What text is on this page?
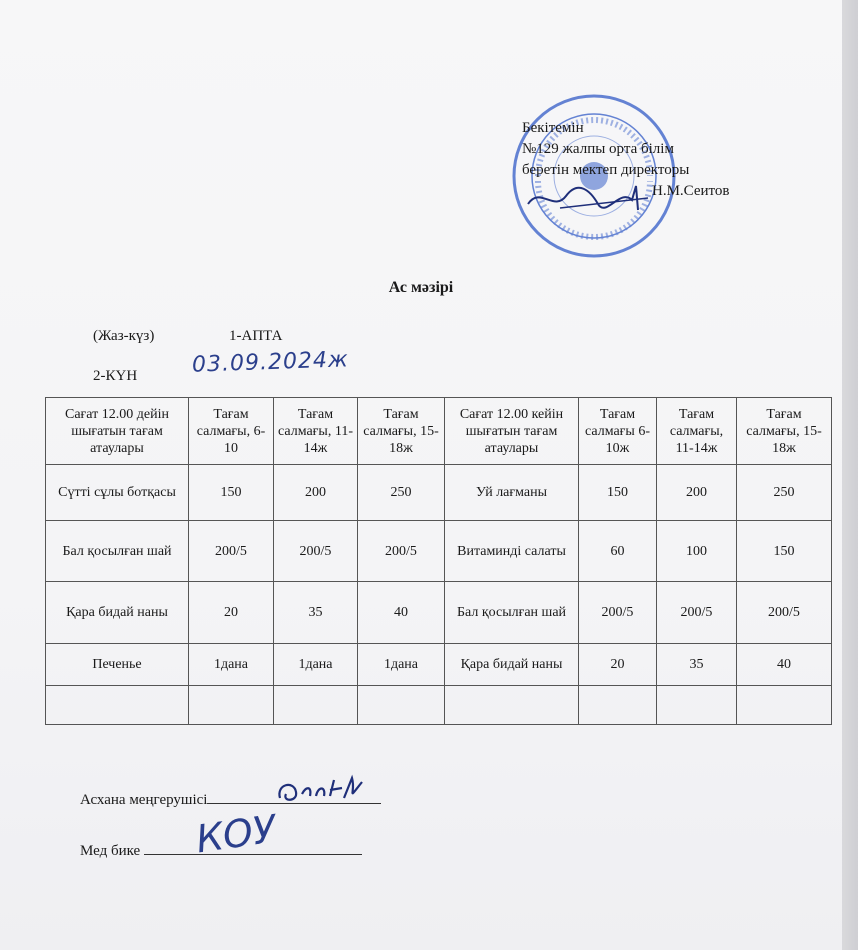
Бекітемін
№129 жалпы орта білім
беретін мектеп директоры
Н.М.Сеитов
Ас мәзірі
(Жаз-күз)	1-АПТА
2-КҮН 03.09.2024ж
Сағат 12.00 дейін шығатын тағам атаулары	Тағам салмағы, 6-10	Тағам салмағы, 11-14ж	Тағам салмағы, 15-18ж	Сағат 12.00 кейін шығатын тағам атаулары	Тағам салмағы 6-10ж	Тағам салмағы, 11-14ж	Тағам салмағы, 15-18ж
Сүтті сұлы ботқасы	150	200	250	Уй лағманы	150	200	250
Бал қосылған шай	200/5	200/5	200/5	Витаминді салаты	60	100	150
Қара бидай наны	20	35	40	Бал қосылған шай	200/5	200/5	200/5
Печенье	1дана	1дана	1дана	Қара бидай наны	20	35	40

Асхана меңгерушісі
Мед бике	КОУ
